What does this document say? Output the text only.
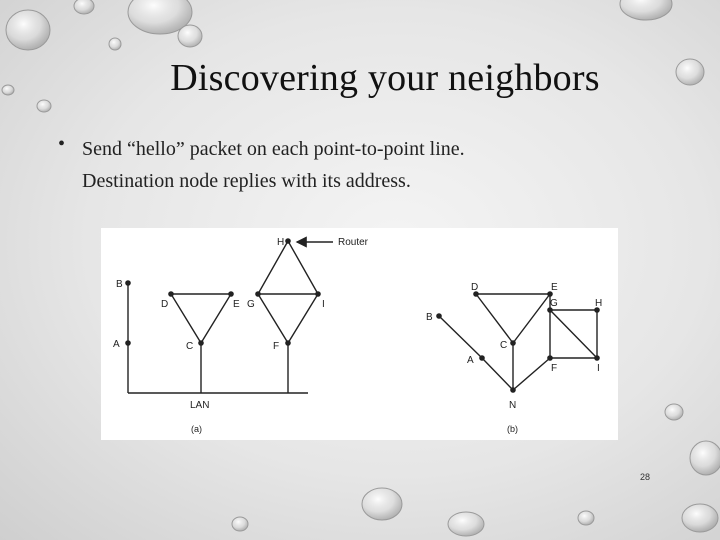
Discovering your neighbors
• Send “hello” packet on each point-to-point line.
Destination node replies with its address.
B
A
D	E
C
G	I
F
H	Router
LAN
(a)
D	E
G	H
B
C
A
F	I
N
(b)
28
